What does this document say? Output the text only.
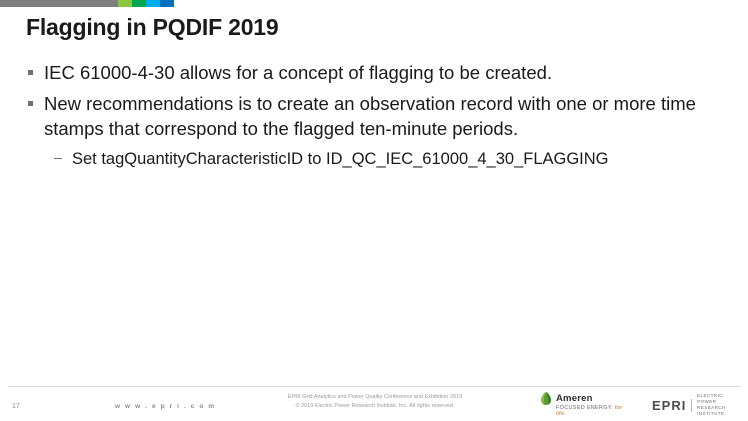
Flagging in PQDIF 2019
IEC 61000-4-30 allows for a concept of flagging to be created.
New recommendations is to create an observation record with one or more time stamps that correspond to the flagged ten-minute periods.
Set tagQuantityCharacteristicID to ID_QC_IEC_61000_4_30_FLAGGING
17	w w w . e p r i . c o m
EPRI Grid Analytics and Power Quality Conference and Exhibition 2019
© 2019 Electric Power Research Institute, Inc. All rights reserved.
Ameren
FOCUSED ENERGY. for life.
EPRI
ELECTRIC POWER
RESEARCH INSTITUTE
